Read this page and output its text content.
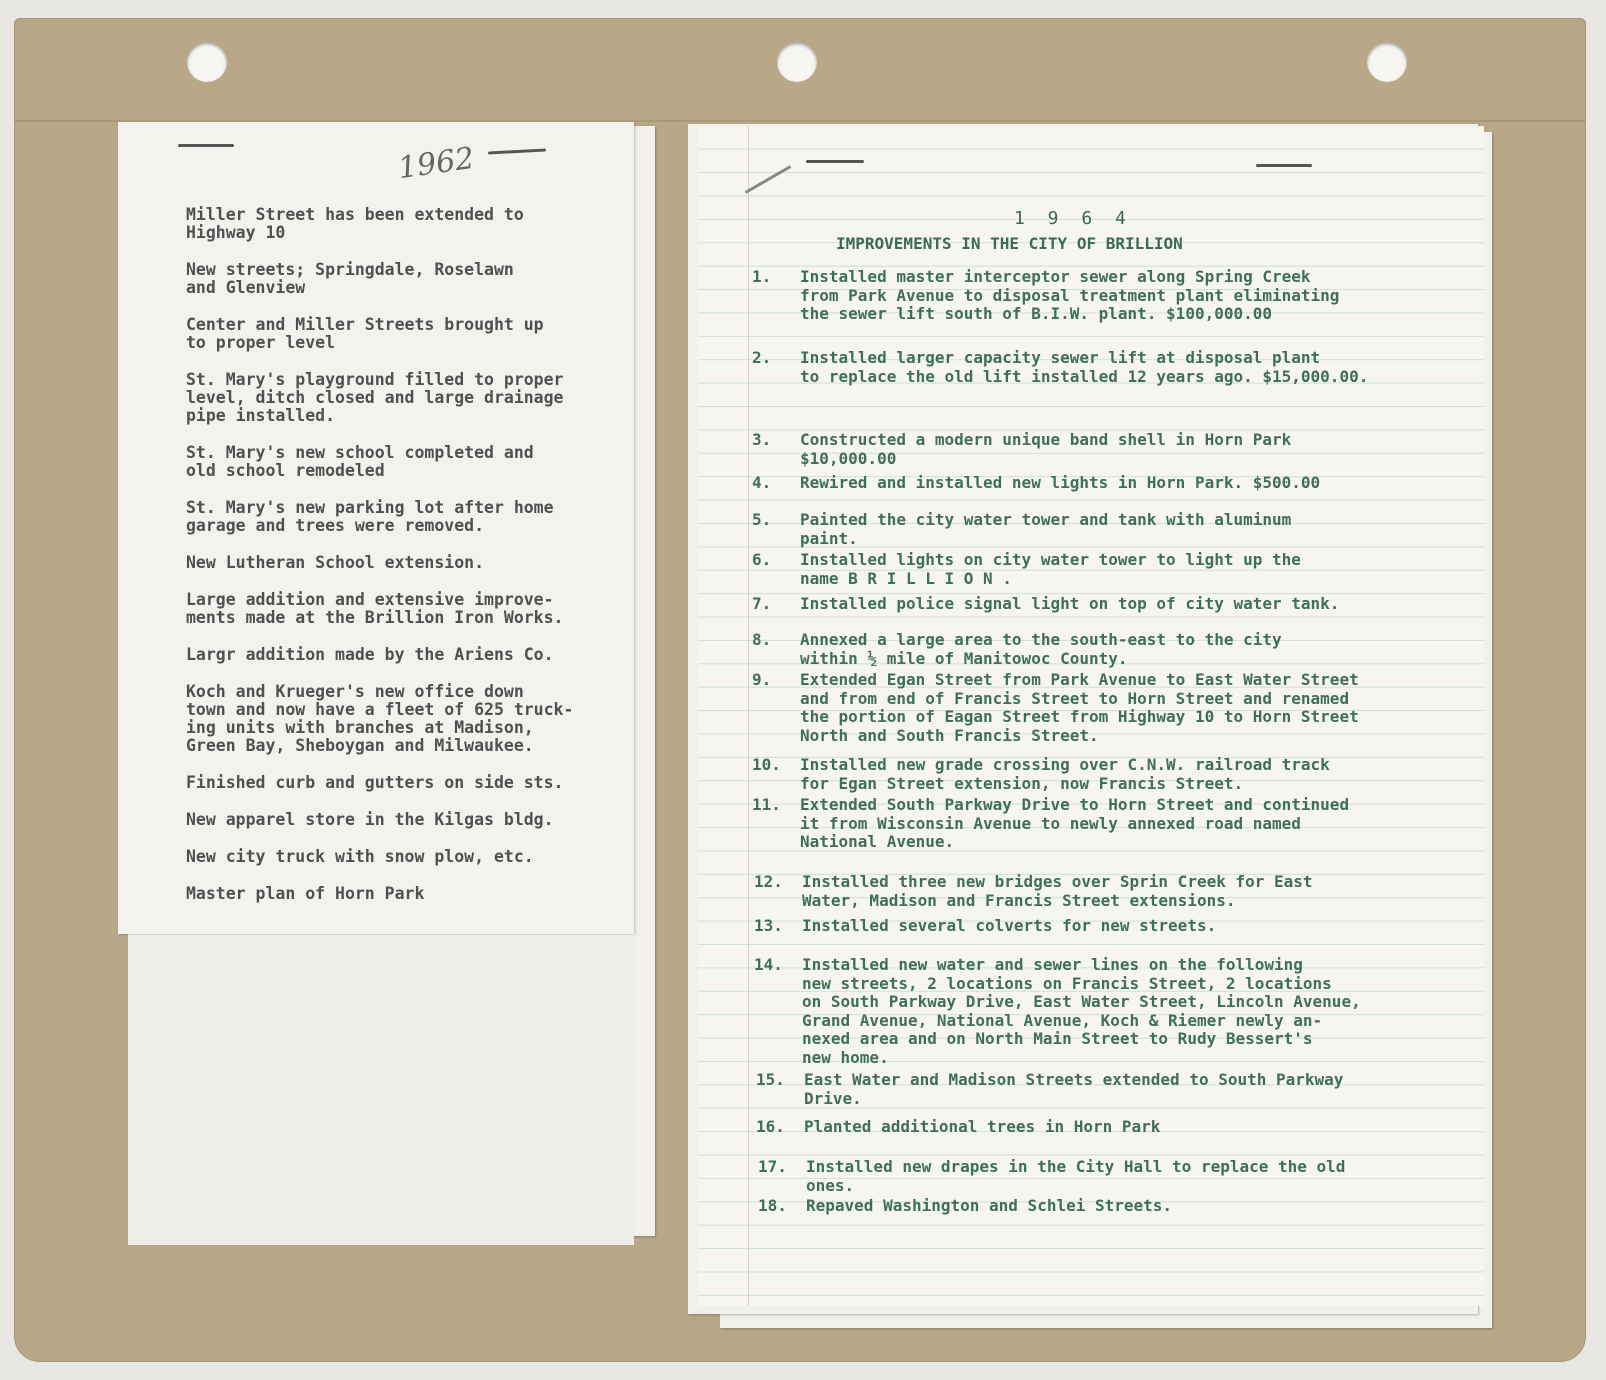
1962
Miller Street has been extended to
Highway 10
New streets; Springdale, Roselawn
and Glenview
Center and Miller Streets brought up
to proper level
St. Mary's playground filled to proper
level, ditch closed and large drainage
pipe installed.
St. Mary's new school completed and
old school remodeled
St. Mary's new parking lot after home
garage and trees were removed.
New Lutheran School extension.
Large addition and extensive improve-
ments made at the Brillion Iron Works.
Largr addition made by the Ariens Co.
Koch and Krueger's new office down
town and now have a fleet of 625 truck-
ing units with branches at Madison,
Green Bay, Sheboygan and Milwaukee.
Finished curb and gutters on side sts.
New apparel store in the Kilgas bldg.
New city truck with snow plow, etc.
Master plan of Horn Park
1 9 6 4
IMPROVEMENTS IN THE CITY OF BRILLION
1.	Installed master interceptor sewer along Spring Creek
from Park Avenue to disposal treatment plant eliminating
the sewer lift south of B.I.W. plant. $100,000.00
2.	Installed larger capacity sewer lift at disposal plant
to replace the old lift installed 12 years ago. $15,000.00.
3.	Constructed a modern unique band shell in Horn Park
$10,000.00
4.	Rewired and installed new lights in Horn Park. $500.00
5.	Painted the city water tower and tank with aluminum
paint.
6.	Installed lights on city water tower to light up the
name B R I L L I O N .
7.	Installed police signal light on top of city water tank.
8.	Annexed a large area to the south-east to the city
within ½ mile of Manitowoc County.
9.	Extended Egan Street from Park Avenue to East Water Street
and from end of Francis Street to Horn Street and renamed
the portion of Eagan Street from Highway 10 to Horn Street
North and South Francis Street.
10.	Installed new grade crossing over C.N.W. railroad track
for Egan Street extension, now Francis Street.
11.	Extended South Parkway Drive to Horn Street and continued
it from Wisconsin Avenue to newly annexed road named
National Avenue.
12.	Installed three new bridges over Sprin Creek for East
Water, Madison and Francis Street extensions.
13.	Installed several colverts for new streets.
14.	Installed new water and sewer lines on the following
new streets, 2 locations on Francis Street, 2 locations
on South Parkway Drive, East Water Street, Lincoln Avenue,
Grand Avenue, National Avenue, Koch & Riemer newly an-
nexed area and on North Main Street to Rudy Bessert's
new home.
15.	East Water and Madison Streets extended to South Parkway
Drive.
16.	Planted additional trees in Horn Park
17.	Installed new drapes in the City Hall to replace the old
ones.
18.	Repaved Washington and Schlei Streets.
